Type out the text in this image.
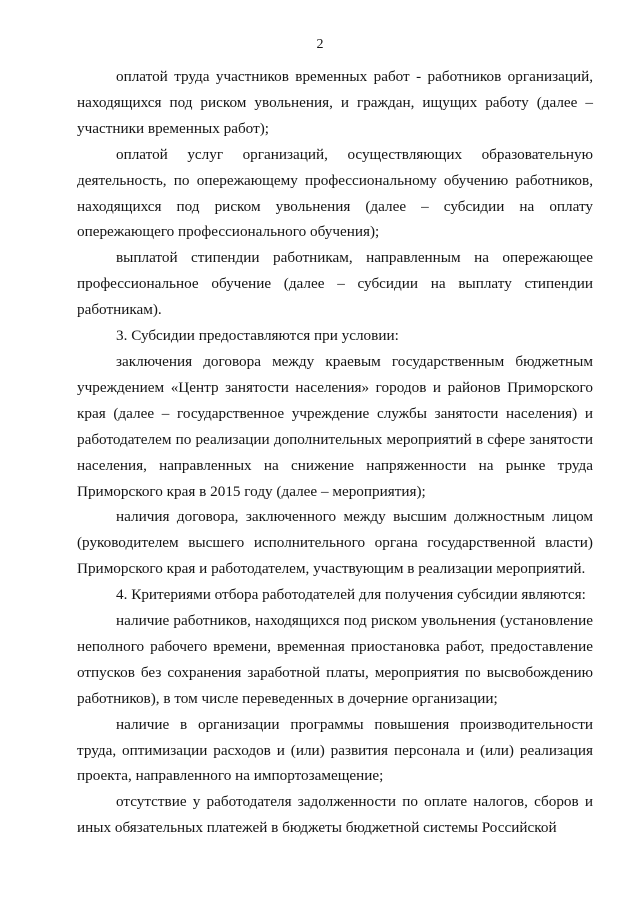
2

оплатой труда участников временных работ - работников организаций, находящихся под риском увольнения, и граждан, ищущих работу (далее – участники временных работ);

оплатой услуг организаций, осуществляющих образовательную деятельность, по опережающему профессиональному обучению работников, находящихся под риском увольнения (далее – субсидии на оплату опережающего профессионального обучения);

выплатой стипендии работникам, направленным на опережающее профессиональное обучение (далее – субсидии на выплату стипендии работникам).

3. Субсидии предоставляются при условии:

заключения договора между краевым государственным бюджетным учреждением «Центр занятости населения» городов и районов Приморского края (далее – государственное учреждение службы занятости населения) и работодателем по реализации дополнительных мероприятий в сфере занятости населения, направленных на снижение напряженности на рынке труда Приморского края в 2015 году (далее – мероприятия);

наличия договора, заключенного между высшим должностным лицом (руководителем высшего исполнительного органа государственной власти) Приморского края и работодателем, участвующим в реализации мероприятий.

4. Критериями отбора работодателей для получения субсидии являются:

наличие работников, находящихся под риском увольнения (установление неполного рабочего времени, временная приостановка работ, предоставление отпусков без сохранения заработной платы, мероприятия по высвобождению работников), в том числе переведенных в дочерние организации;

наличие в организации программы повышения производительности труда, оптимизации расходов и (или) развития персонала и (или) реализация проекта, направленного на импортозамещение;

отсутствие у работодателя задолженности по оплате налогов, сборов и иных обязательных платежей в бюджеты бюджетной системы Российской
